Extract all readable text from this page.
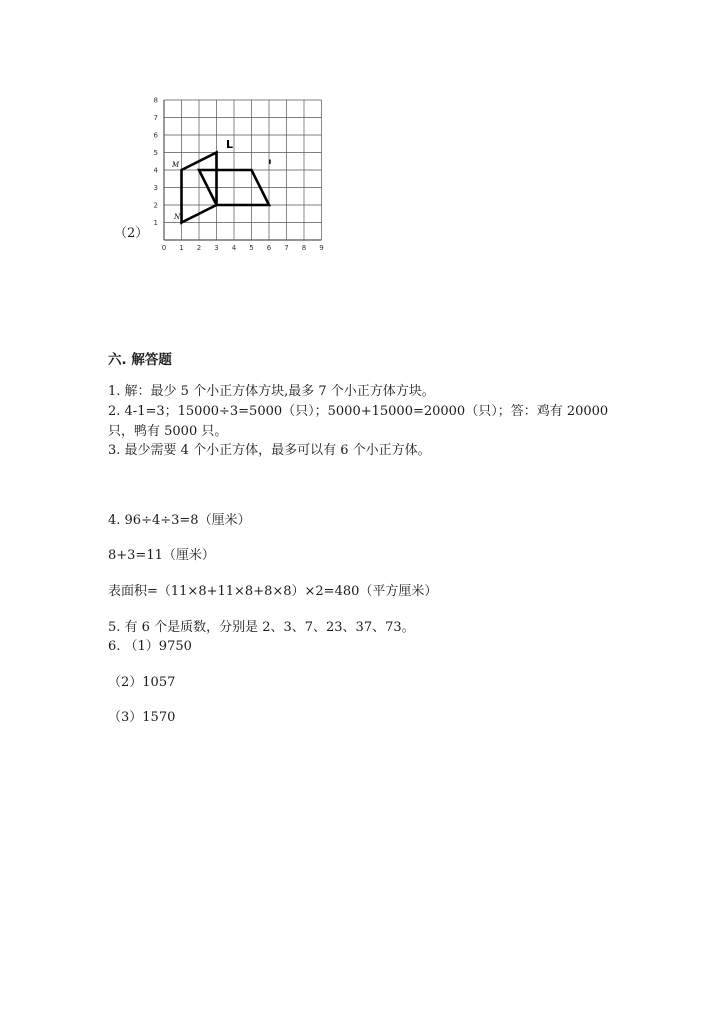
（2）
0 1 2 3 4 5 6 7 8 9
1
2
3
4
5
6
7
8
L
M
N
C
六. 解答题
1. 解：最少 5 个小正方体方块,最多 7 个小正方体方块。
2. 4-1=3；15000÷3=5000（只）；5000+15000=20000（只）；答：鸡有 20000
只，鸭有 5000 只。
3. 最少需要 4 个小正方体，最多可以有 6 个小正方体。
4. 96÷4÷3=8（厘米）
8+3=11（厘米）
表面积=（11×8+11×8+8×8）×2=480（平方厘米）
5. 有 6 个是质数，分别是 2、3、7、23、37、73。
6. （1）9750
（2）1057
（3）1570
